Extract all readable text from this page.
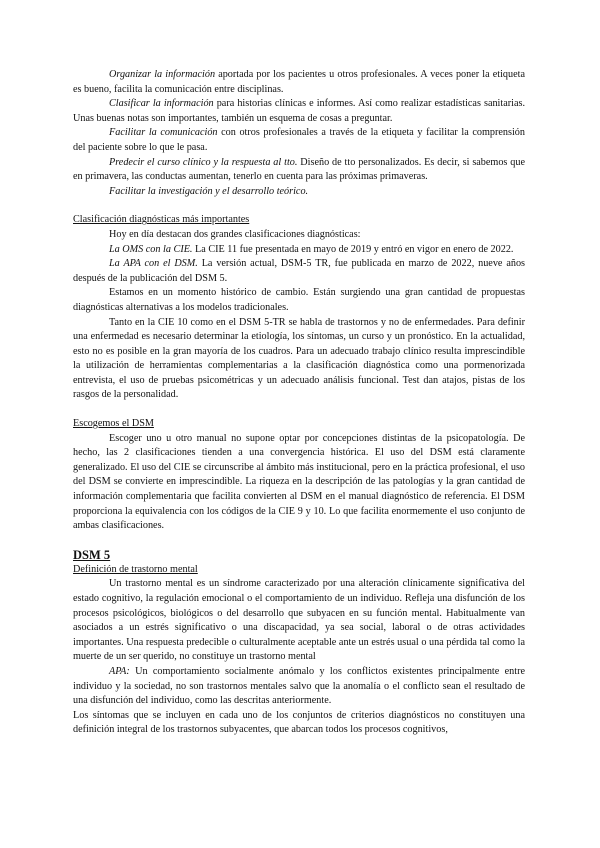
Organizar la información aportada por los pacientes u otros profesionales. A veces poner la etiqueta es bueno, facilita la comunicación entre disciplinas.

Clasificar la información para historias clínicas e informes. Así como realizar estadísticas sanitarias. Unas buenas notas son importantes, también un esquema de cosas a preguntar.

Facilitar la comunicación con otros profesionales a través de la etiqueta y facilitar la comprensión del paciente sobre lo que le pasa.

Predecir el curso clínico y la respuesta al tto. Diseño de tto personalizados. Es decir, si sabemos que en primavera, las conductas aumentan, tenerlo en cuenta para las próximas primaveras.

Facilitar la investigación y el desarrollo teórico.

Clasificación diagnósticas más importantes

Hoy en día destacan dos grandes clasificaciones diagnósticas:

La OMS con la CIE. La CIE 11 fue presentada en mayo de 2019 y entró en vigor en enero de 2022.

La APA con el DSM. La versión actual, DSM-5 TR, fue publicada en marzo de 2022, nueve años después de la publicación del DSM 5.

Estamos en un momento histórico de cambio. Están surgiendo una gran cantidad de propuestas diagnósticas alternativas a los modelos tradicionales.

Tanto en la CIE 10 como en el DSM 5-TR se habla de trastornos y no de enfermedades. Para definir una enfermedad es necesario determinar la etiología, los síntomas, un curso y un pronóstico. En la actualidad, esto no es posible en la gran mayoría de los cuadros. Para un adecuado trabajo clínico resulta imprescindible la utilización de herramientas complementarias a la clasificación diagnóstica como una pormenorizada entrevista, el uso de pruebas psicométricas y un adecuado análisis funcional. Test dan atajos, pistas de los rasgos de la personalidad.

Escogemos el DSM

Escoger uno u otro manual no supone optar por concepciones distintas de la psicopatología. De hecho, las 2 clasificaciones tienden a una convergencia histórica. El uso del DSM está claramente generalizado. El uso del CIE se circunscribe al ámbito más institucional, pero en la práctica profesional, el uso del DSM se convierte en imprescindible. La riqueza en la descripción de las patologías y la gran cantidad de información complementaria que facilita convierten al DSM en el manual diagnóstico de referencia. El DSM proporciona la equivalencia con los códigos de la CIE 9 y 10. Lo que facilita enormemente el uso conjunto de ambas clasificaciones.

DSM 5

Definición de trastorno mental

Un trastorno mental es un síndrome caracterizado por una alteración clínicamente significativa del estado cognitivo, la regulación emocional o el comportamiento de un individuo. Refleja una disfunción de los procesos psicológicos, biológicos o del desarrollo que subyacen en su función mental. Habitualmente van asociados a un estrés significativo o una discapacidad, ya sea social, laboral o de otras actividades importantes. Una respuesta predecible o culturalmente aceptable ante un estrés usual o una pérdida tal como la muerte de un ser querido, no constituye un trastorno mental

APA: Un comportamiento socialmente anómalo y los conflictos existentes principalmente entre individuo y la sociedad, no son trastornos mentales salvo que la anomalía o el conflicto sean el resultado de una disfunción del individuo, como las descritas anteriormente.

Los síntomas que se incluyen en cada uno de los conjuntos de criterios diagnósticos no constituyen una definición integral de los trastornos subyacentes, que abarcan todos los procesos cognitivos,
